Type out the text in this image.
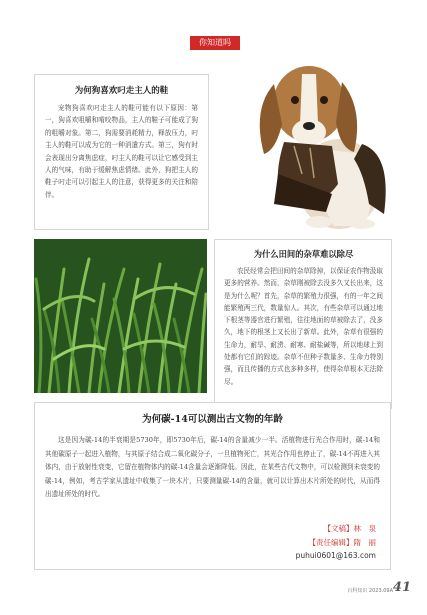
你知道吗
为何狗喜欢叼走主人的鞋

宠物狗喜欢叼走主人的鞋可能有以下原因：第一，狗喜欢咀嚼和啃咬物品，主人的鞋子可能成了狗的咀嚼对象。第二，狗需要消耗精力，释放压力，叼主人的鞋可以成为它的一种消遣方式。第三，狗有时会表现出分离焦虑症，叼主人的鞋可以让它感受到主人的气味，有助于缓解焦虑情绪。此外，狗把主人的鞋子叼走可以引起主人的注意，获得更多的关注和陪伴。

为什么田间的杂草难以除尽

农民经常会把田间的杂草除掉，以保证农作物汲取更多的营养。然而，杂草刚被除去没多久又长出来，这是为什么呢？首先，杂草的繁殖力很强，有的一年之间能繁殖两三代，数量惊人。其次，有些杂草可以通过地下根茎等器官进行繁殖，往往地面的草被除去了，没多久，地下的根茎上又长出了新草。此外，杂草有很强的生命力，耐旱、耐涝、耐寒、耐盐碱等，所以地球上到处都有它们的踪迹。杂草不但种子数量多、生命力特别强，而且传播的方式也多种多样，使得杂草根本无法除尽。

为何碳-14可以测出古文物的年龄

这是因为碳-14的半衰期是5730年，即5730年后，碳-14的含量减少一半。活植物进行光合作用时，碳-14和其他碳原子一起进入植物，与其原子结合成二氧化碳分子，一旦植物死亡，其光合作用也停止了，碳-14不再进入其体内，由于放射性衰变，它留在植物体内的碳-14含量会逐渐降低。因此，在某些古代文物中，可以检测到未衰变的碳-14，例如，考古学家从遗址中收集了一块木片，只要测量碳-14的含量，就可以计算出木片所处的时代，从而得出遗址所处的时代。

【文稿】林　泉
【责任编辑】隋　丽
puhui0601@163.com
百科知识 2023.09A 41
